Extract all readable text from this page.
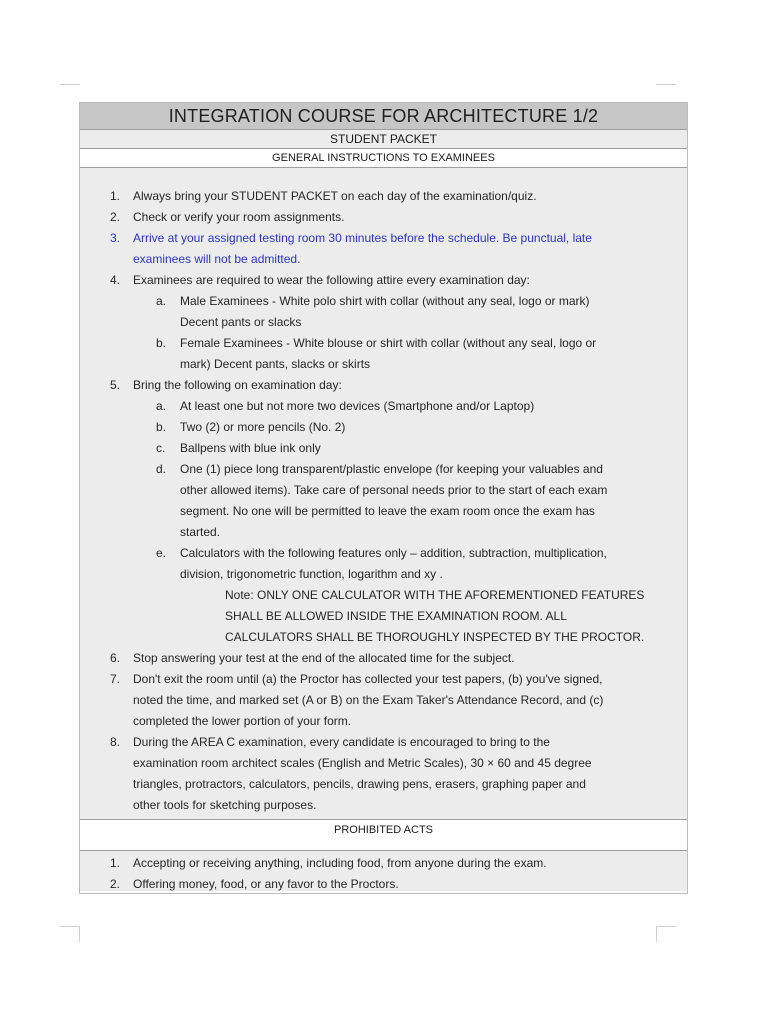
INTEGRATION COURSE FOR ARCHITECTURE 1/2
STUDENT PACKET
GENERAL INSTRUCTIONS TO EXAMINEES
1. Always bring your STUDENT PACKET on each day of the examination/quiz.
2. Check or verify your room assignments.
3. Arrive at your assigned testing room 30 minutes before the schedule. Be punctual, late
examinees will not be admitted.
4. Examinees are required to wear the following attire every examination day:
a. Male Examinees - White polo shirt with collar (without any seal, logo or mark)
Decent pants or slacks
b. Female Examinees - White blouse or shirt with collar (without any seal, logo or
mark) Decent pants, slacks or skirts
5. Bring the following on examination day:
a. At least one but not more two devices (Smartphone and/or Laptop)
b. Two (2) or more pencils (No. 2)
c. Ballpens with blue ink only
d. One (1) piece long transparent/plastic envelope (for keeping your valuables and
other allowed items). Take care of personal needs prior to the start of each exam
segment. No one will be permitted to leave the exam room once the exam has
started.
e. Calculators with the following features only – addition, subtraction, multiplication,
division, trigonometric function, logarithm and xy .
Note: ONLY ONE CALCULATOR WITH THE AFOREMENTIONED FEATURES
SHALL BE ALLOWED INSIDE THE EXAMINATION ROOM. ALL
CALCULATORS SHALL BE THOROUGHLY INSPECTED BY THE PROCTOR.
6. Stop answering your test at the end of the allocated time for the subject.
7. Don't exit the room until (a) the Proctor has collected your test papers, (b) you've signed,
noted the time, and marked set (A or B) on the Exam Taker's Attendance Record, and (c)
completed the lower portion of your form.
8. During the AREA C examination, every candidate is encouraged to bring to the
examination room architect scales (English and Metric Scales), 30 × 60 and 45 degree
triangles, protractors, calculators, pencils, drawing pens, erasers, graphing paper and
other tools for sketching purposes.
PROHIBITED ACTS
1. Accepting or receiving anything, including food, from anyone during the exam.
2. Offering money, food, or any favor to the Proctors.
